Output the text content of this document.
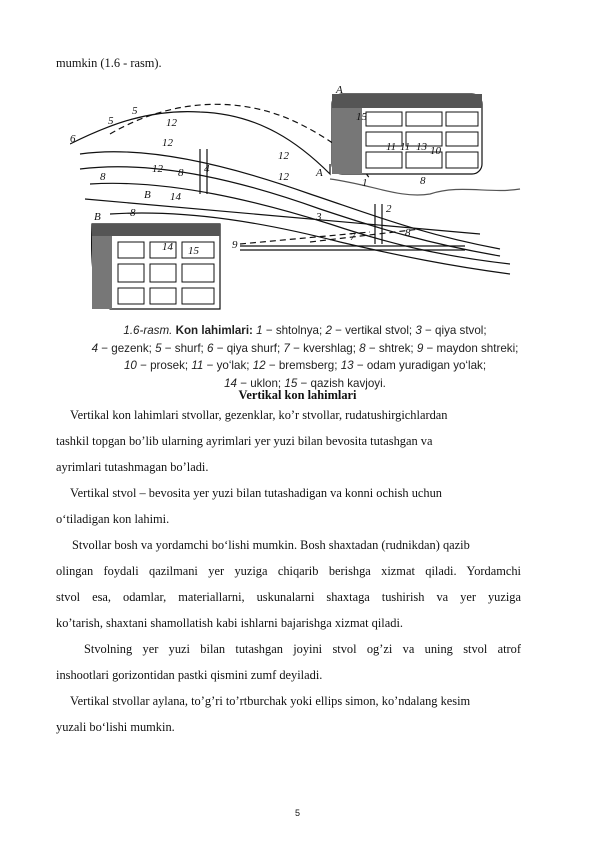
mumkin (1.6 - rasm).
A
5
5
6
12
12
12
12
12
8	8
8
8
8
4	A
1
2
3
7
9
B
B 14
14 15
13 10
11 11
15
1.6-rasm. Kon lahimlari: 1 − shtolnya; 2 − vertikal stvol; 3 − qiya stvol;
4 − gezenk; 5 − shurf; 6 − qiya shurf; 7 − kvershlag; 8 − shtrek; 9 − maydon shtreki;
10 − prosek; 11 − yo‘lak; 12 − bremsberg; 13 − odam yuradigan yo‘lak;
14 − uklon; 15 − qazish kavjoyi.
Vertikal kon lahimlari
Vertikal kon lahimlari stvollar, gezenklar, ko’r stvollar, rudatushirgichlardan
tashkil topgan bo’lib ularning ayrimlari yer yuzi bilan bevosita tutashgan va
ayrimlari tutashmagan bo’ladi.
Vertikal stvol – bevosita yer yuzi bilan tutashadigan va konni ochish uchun
o‘tiladigan kon lahimi.
Stvollar bosh va yordamchi bo‘lishi mumkin. Bosh shaxtadan (rudnikdan) qazib
olingan foydali qazilmani yer yuziga chiqarib berishga xizmat qiladi. Yordamchi
stvol esa, odamlar, materiallarni, uskunalarni shaxtaga tushirish va yer yuziga
ko’tarish, shaxtani shamollatish kabi ishlarni bajarishga xizmat qiladi.
Stvolning yer yuzi bilan tutashgan joyini stvol og’zi va uning stvol atrof
inshootlari gorizontidan pastki qismini zumf deyiladi.
Vertikal stvollar aylana, to’g’ri to’rtburchak yoki ellips simon, ko’ndalang kesim
yuzali bo‘lishi mumkin.
5
